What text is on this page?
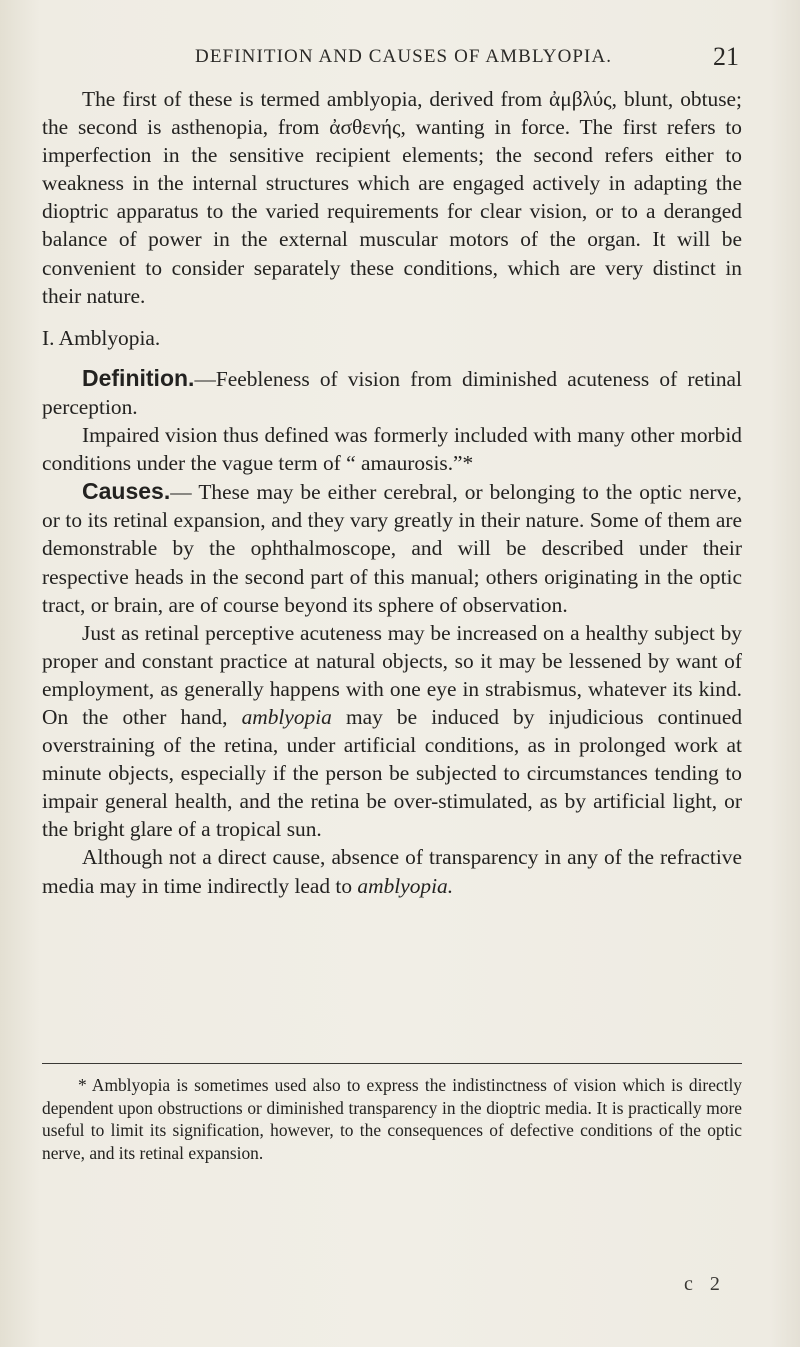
DEFINITION AND CAUSES OF AMBLYOPIA.	21

The first of these is termed amblyopia, derived from ἀμβλύς, blunt, obtuse; the second is asthenopia, from ἀσθενής, wanting in force. The first refers to imperfection in the sensitive recipient elements; the second refers either to weakness in the internal structures which are engaged actively in adapting the dioptric apparatus to the varied requirements for clear vision, or to a deranged balance of power in the external muscular motors of the organ. It will be convenient to consider separately these conditions, which are very distinct in their nature.

I. Amblyopia.

Definition.—Feebleness of vision from diminished acuteness of retinal perception.

Impaired vision thus defined was formerly included with many other morbid conditions under the vague term of “ amaurosis.”*

Causes.— These may be either cerebral, or belonging to the optic nerve, or to its retinal expansion, and they vary greatly in their nature. Some of them are demonstrable by the ophthalmoscope, and will be described under their respective heads in the second part of this manual; others originating in the optic tract, or brain, are of course beyond its sphere of observation.

Just as retinal perceptive acuteness may be increased on a healthy subject by proper and constant practice at natural objects, so it may be lessened by want of employment, as generally happens with one eye in strabismus, whatever its kind. On the other hand, amblyopia may be induced by injudicious continued overstraining of the retina, under artificial conditions, as in prolonged work at minute objects, especially if the person be subjected to circumstances tending to impair general health, and the retina be over-stimulated, as by artificial light, or the bright glare of a tropical sun.

Although not a direct cause, absence of transparency in any of the refractive media may in time indirectly lead to amblyopia.

* Amblyopia is sometimes used also to express the indistinctness of vision which is directly dependent upon obstructions or diminished transparency in the dioptric media. It is practically more useful to limit its signification, however, to the consequences of defective conditions of the optic nerve, and its retinal expansion.

c 2
